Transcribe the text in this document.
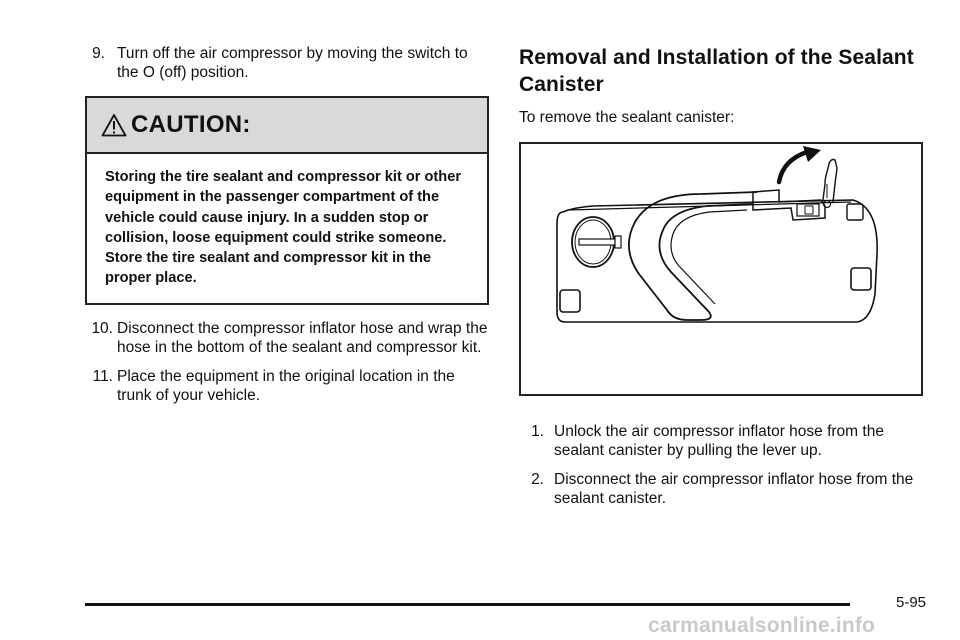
9. Turn off the air compressor by moving the switch to the O (off) position.
CAUTION:
Storing the tire sealant and compressor kit or other equipment in the passenger compartment of the vehicle could cause injury. In a sudden stop or collision, loose equipment could strike someone. Store the tire sealant and compressor kit in the proper place.
10. Disconnect the compressor inflator hose and wrap the hose in the bottom of the sealant and compressor kit.
11. Place the equipment in the original location in the trunk of your vehicle.
Removal and Installation of the Sealant Canister
To remove the sealant canister:
1. Unlock the air compressor inflator hose from the sealant canister by pulling the lever up.
2. Disconnect the air compressor inflator hose from the sealant canister.
5-95
carmanualsonline.info
